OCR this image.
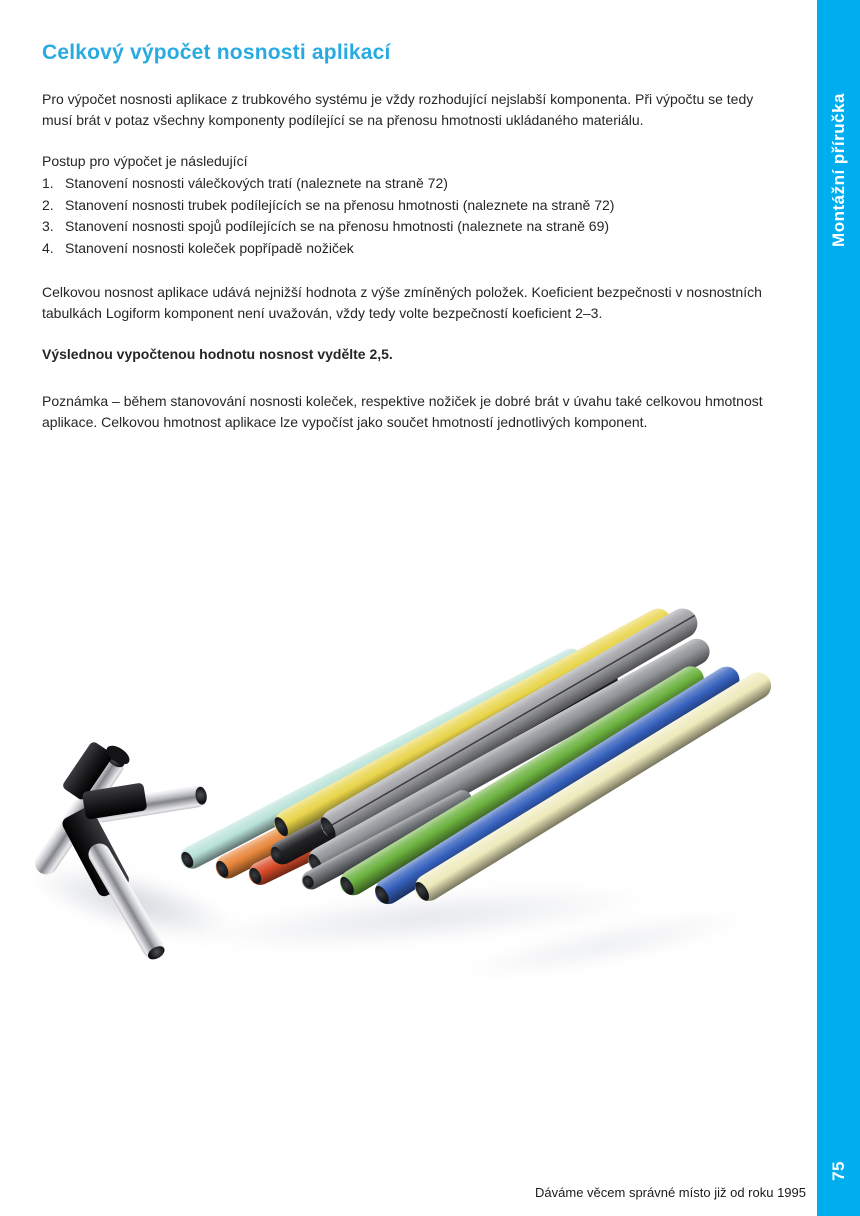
Celkový výpočet nosnosti aplikací

Pro výpočet nosnosti aplikace z trubkového systému je vždy rozhodující nejslabší komponenta. Při výpočtu se tedy musí brát v potaz všechny komponenty podílející se na přenosu hmotnosti ukládaného materiálu.

Postup pro výpočet je následující

1. Stanovení nosnosti válečkových tratí (naleznete na straně 72)
2. Stanovení nosnosti trubek podílejících se na přenosu hmotnosti (naleznete na straně 72)
3. Stanovení nosnosti spojů podílejících se na přenosu hmotnosti (naleznete na straně 69)
4. Stanovení nosnosti koleček popřípadě nožiček

Celkovou nosnost aplikace udává nejnižší hodnota z výše zmíněných položek. Koeficient bezpečnosti v nosnostních tabulkách Logiform komponent není uvažován, vždy tedy volte bezpečností koeficient 2–3.

Výslednou vypočtenou hodnotu nosnost vydělte 2,5.

Poznámka – během stanovování nosnosti koleček, respektive nožiček je dobré brát v úvahu také celkovou hmotnost aplikace. Celkovou hmotnost aplikace lze vypočíst jako součet hmotností jednotlivých komponent.

Dáváme věcem správné místo již od roku 1995
Montážní příručka
75
